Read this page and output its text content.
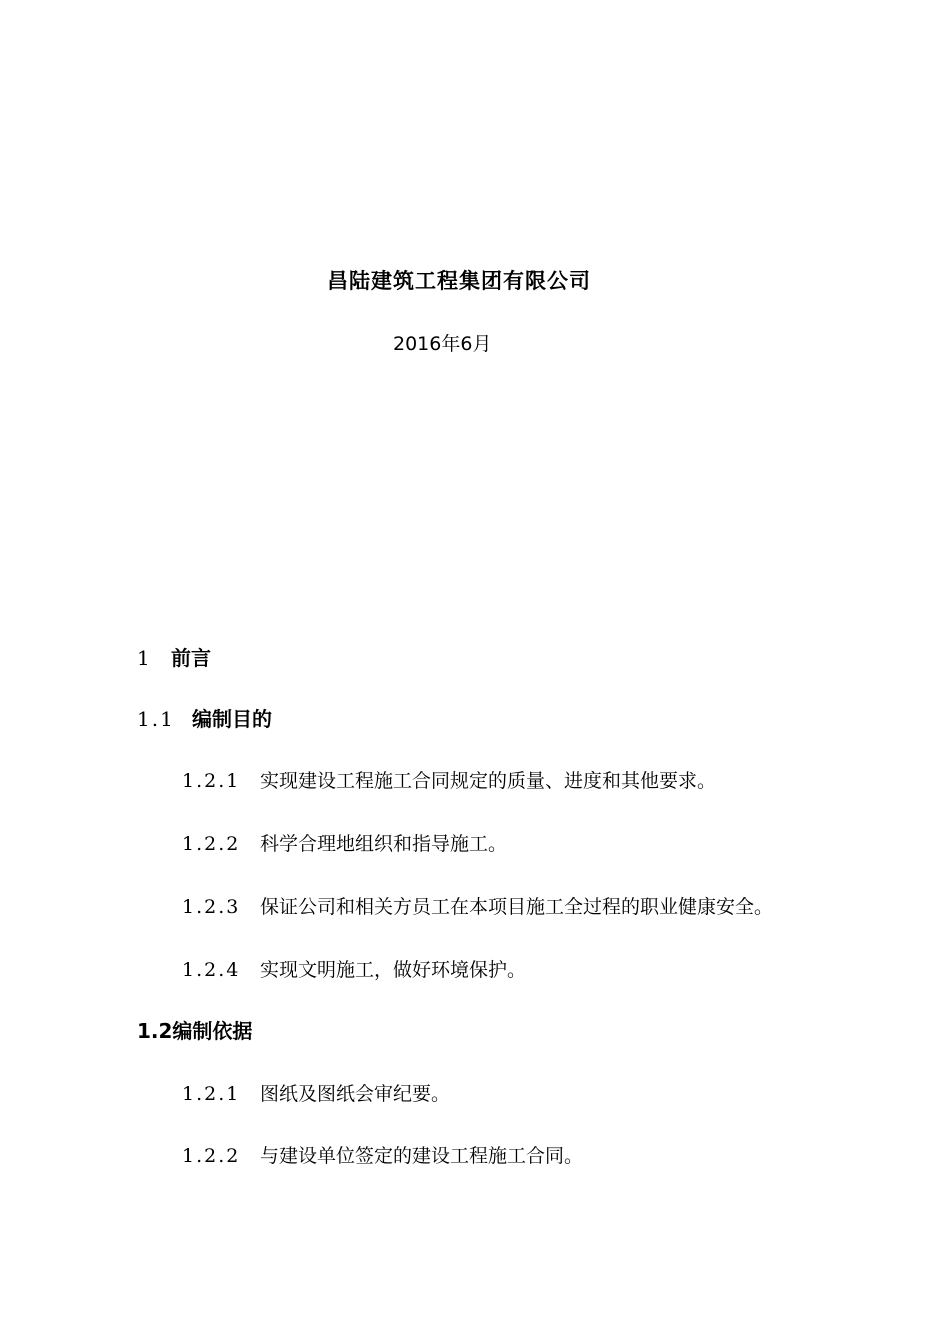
昌陆建筑工程集团有限公司
2016年6月
1 前言
1.1 编制目的
1.2.1 实现建设工程施工合同规定的质量、进度和其他要求。
1.2.2 科学合理地组织和指导施工。
1.2.3 保证公司和相关方员工在本项目施工全过程的职业健康安全。
1.2.4 实现文明施工，做好环境保护。
1.2编制依据
1.2.1 图纸及图纸会审纪要。
1.2.2 与建设单位签定的建设工程施工合同。
